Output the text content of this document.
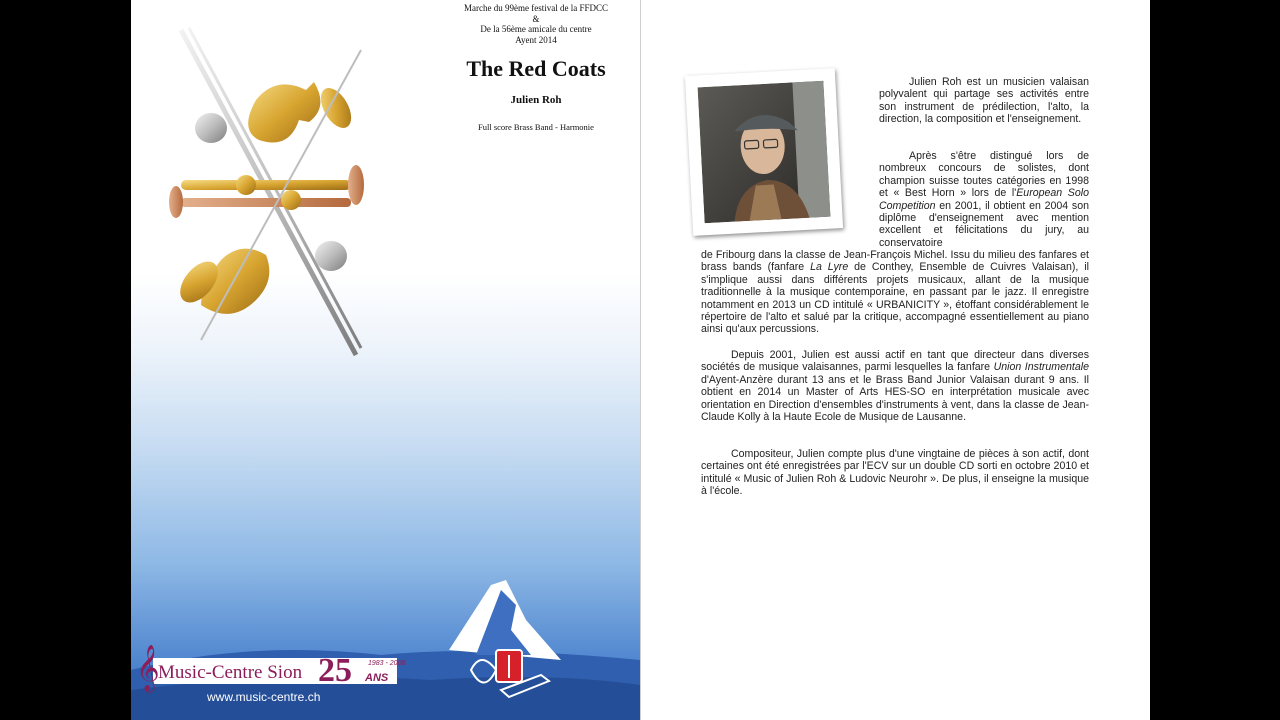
Marche du 99ème festival de la FFDCC
&
De la 56ème amicale du centre
Ayent 2014
The Red Coats
Julien Roh
Full score Brass Band - Harmonie
𝄞
Music-Centre Sion 25 1983 - 2008
ANS
www.music-centre.ch

Julien Roh est un musicien valaisan polyvalent qui partage ses activités entre son instrument de prédilection, l'alto, la direction, la composition et l'enseignement.

Après s'être distingué lors de nombreux concours de solistes, dont champion suisse toutes catégories en 1998 et « Best Horn » lors de l'European Solo Competition en 2001, il obtient en 2004 son diplôme d'enseignement avec mention excellent et félicitations du jury, au conservatoire

de Fribourg dans la classe de Jean-François Michel. Issu du milieu des fanfares et brass bands (fanfare La Lyre de Conthey, Ensemble de Cuivres Valaisan), il s'implique aussi dans différents projets musicaux, allant de la musique traditionnelle à la musique contemporaine, en passant par le jazz. Il enregistre notamment en 2013 un CD intitulé « URBANICITY », étoffant considérablement le répertoire de l'alto et salué par la critique, accompagné essentiellement au piano ainsi qu'aux percussions.

Depuis 2001, Julien est aussi actif en tant que directeur dans diverses sociétés de musique valaisannes, parmi lesquelles la fanfare Union Instrumentale d'Ayent-Anzère durant 13 ans et le Brass Band Junior Valaisan durant 9 ans. Il obtient en 2014 un Master of Arts HES-SO en interprétation musicale avec orientation en Direction d'ensembles d'instruments à vent, dans la classe de Jean-Claude Kolly à la Haute Ecole de Musique de Lausanne.

Compositeur, Julien compte plus d'une vingtaine de pièces à son actif, dont certaines ont été enregistrées par l'ECV sur un double CD sorti en octobre 2010 et intitulé « Music of Julien Roh & Ludovic Neurohr ». De plus, il enseigne la musique à l'école.
